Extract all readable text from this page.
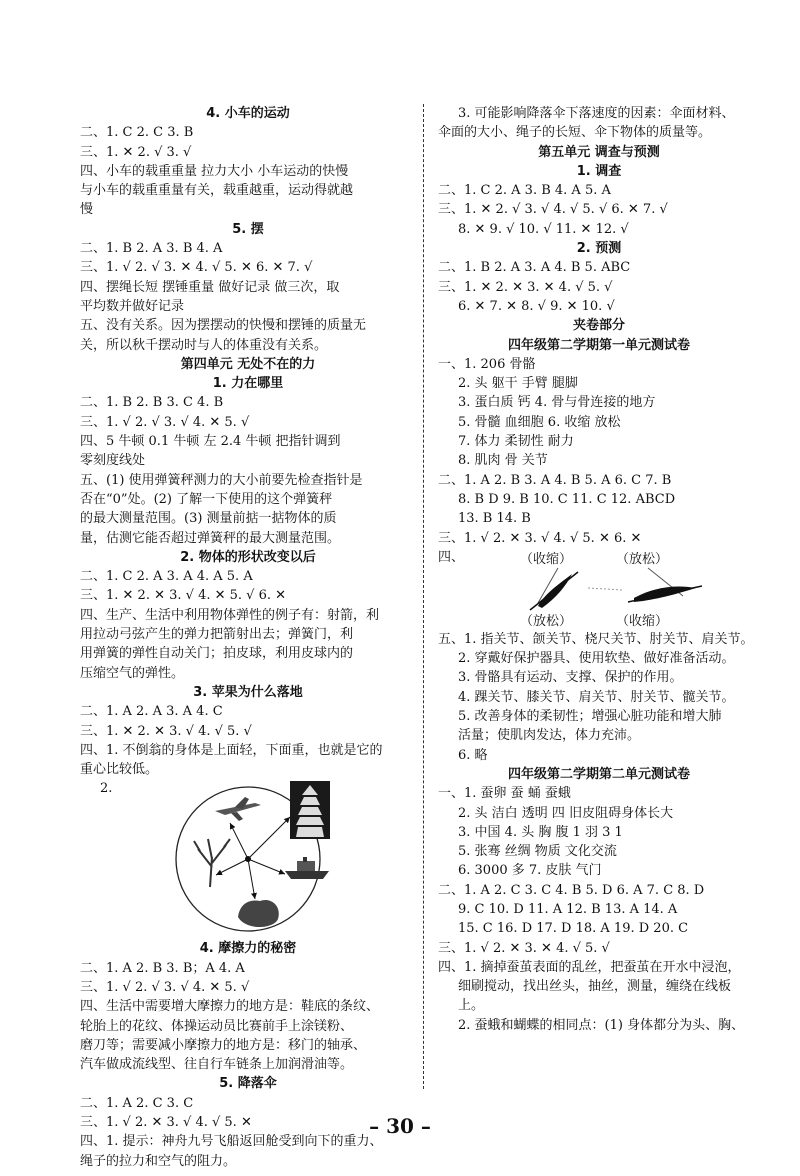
4. 小车的运动
二、1. C 2. C 3. B
三、1. ✕ 2. √ 3. √
四、小车的载重重量 拉力大小 小车运动的快慢
与小车的载重重量有关，载重越重，运动得就越
慢
5. 摆
二、1. B 2. A 3. B 4. A
三、1. √ 2. √ 3. ✕ 4. √ 5. ✕ 6. ✕ 7. √
四、摆绳长短 摆锤重量 做好记录 做三次，取
平均数并做好记录
五、没有关系。因为摆摆动的快慢和摆锤的质量无
关，所以秋千摆动时与人的体重没有关系。
第四单元 无处不在的力
1. 力在哪里
二、1. B 2. B 3. C 4. B
三、1. √ 2. √ 3. √ 4. ✕ 5. √
四、5 牛顿 0.1 牛顿 左 2.4 牛顿 把指针调到
零刻度线处
五、(1) 使用弹簧秤测力的大小前要先检查指针是
否在“0”处。(2) 了解一下使用的这个弹簧秤
的最大测量范围。(3) 测量前掂一掂物体的质
量，估测它能否超过弹簧秤的最大测量范围。
2. 物体的形状改变以后
二、1. C 2. A 3. A 4. A 5. A
三、1. ✕ 2. ✕ 3. √ 4. ✕ 5. √ 6. ✕
四、生产、生活中利用物体弹性的例子有：射箭，利
用拉动弓弦产生的弹力把箭射出去；弹簧门，利
用弹簧的弹性自动关门；拍皮球，利用皮球内的
压缩空气的弹性。
3. 苹果为什么落地
二、1. A 2. A 3. A 4. C
三、1. ✕ 2. ✕ 3. √ 4. √ 5. √
四、1. 不倒翁的身体是上面轻，下面重，也就是它的
重心比较低。
2.
4. 摩擦力的秘密
二、1. A 2. B 3. B；A 4. A
三、1. √ 2. √ 3. √ 4. ✕ 5. √
四、生活中需要增大摩擦力的地方是：鞋底的条纹、
轮胎上的花纹、体操运动员比赛前手上涂镁粉、
磨刀等；需要减小摩擦力的地方是：移门的轴承、
汽车做成流线型、往自行车链条上加润滑油等。
5. 降落伞
二、1. A 2. C 3. C
三、1. √ 2. ✕ 3. √ 4. √ 5. ✕
四、1. 提示：神舟九号飞船返回舱受到向下的重力、
绳子的拉力和空气的阻力。
3. 可能影响降落伞下落速度的因素：伞面材料、
伞面的大小、绳子的长短、伞下物体的质量等。
第五单元 调查与预测
1. 调查
二、1. C 2. A 3. B 4. A 5. A
三、1. ✕ 2. √ 3. √ 4. √ 5. √ 6. ✕ 7. √
8. ✕ 9. √ 10. √ 11. ✕ 12. √
2. 预测
二、1. B 2. A 3. A 4. B 5. ABC
三、1. ✕ 2. ✕ 3. ✕ 4. √ 5. √
6. ✕ 7. ✕ 8. √ 9. ✕ 10. √
夹卷部分
四年级第二学期第一单元测试卷
一、1. 206 骨骼
2. 头 躯干 手臂 腿脚
3. 蛋白质 钙 4. 骨与骨连接的地方
5. 骨髓 血细胞 6. 收缩 放松
7. 体力 柔韧性 耐力
8. 肌肉 骨 关节
二、1. A 2. B 3. A 4. B 5. A 6. C 7. B
8. B D 9. B 10. C 11. C 12. ABCD
13. B 14. B
三、1. √ 2. ✕ 3. √ 4. √ 5. ✕ 6. ✕
四、	（收缩）	（放松）
（放松）	（收缩）
五、1. 指关节、颌关节、桡尺关节、肘关节、肩关节。
2. 穿戴好保护器具、使用软垫、做好准备活动。
3. 骨骼具有运动、支撑、保护的作用。
4. 踝关节、膝关节、肩关节、肘关节、髋关节。
5. 改善身体的柔韧性；增强心脏功能和增大肺
活量；使肌肉发达，体力充沛。
6. 略
四年级第二学期第二单元测试卷
一、1. 蚕卵 蚕 蛹 蚕蛾
2. 头 洁白 透明 四 旧皮阻碍身体长大
3. 中国 4. 头 胸 腹 1 羽 3 1
5. 张骞 丝绸 物质 文化交流
6. 3000 多 7. 皮肤 气门
二、1. A 2. C 3. C 4. B 5. D 6. A 7. C 8. D
9. C 10. D 11. A 12. B 13. A 14. A
15. C 16. D 17. D 18. A 19. D 20. C
三、1. √ 2. ✕ 3. ✕ 4. √ 5. √
四、1. 摘掉蚕茧表面的乱丝，把蚕茧在开水中浸泡，
细刷搅动，找出丝头，抽丝，测量，缠绕在线板
上。
2. 蚕蛾和蝴蝶的相同点：(1) 身体都分为头、胸、
– 30 –
